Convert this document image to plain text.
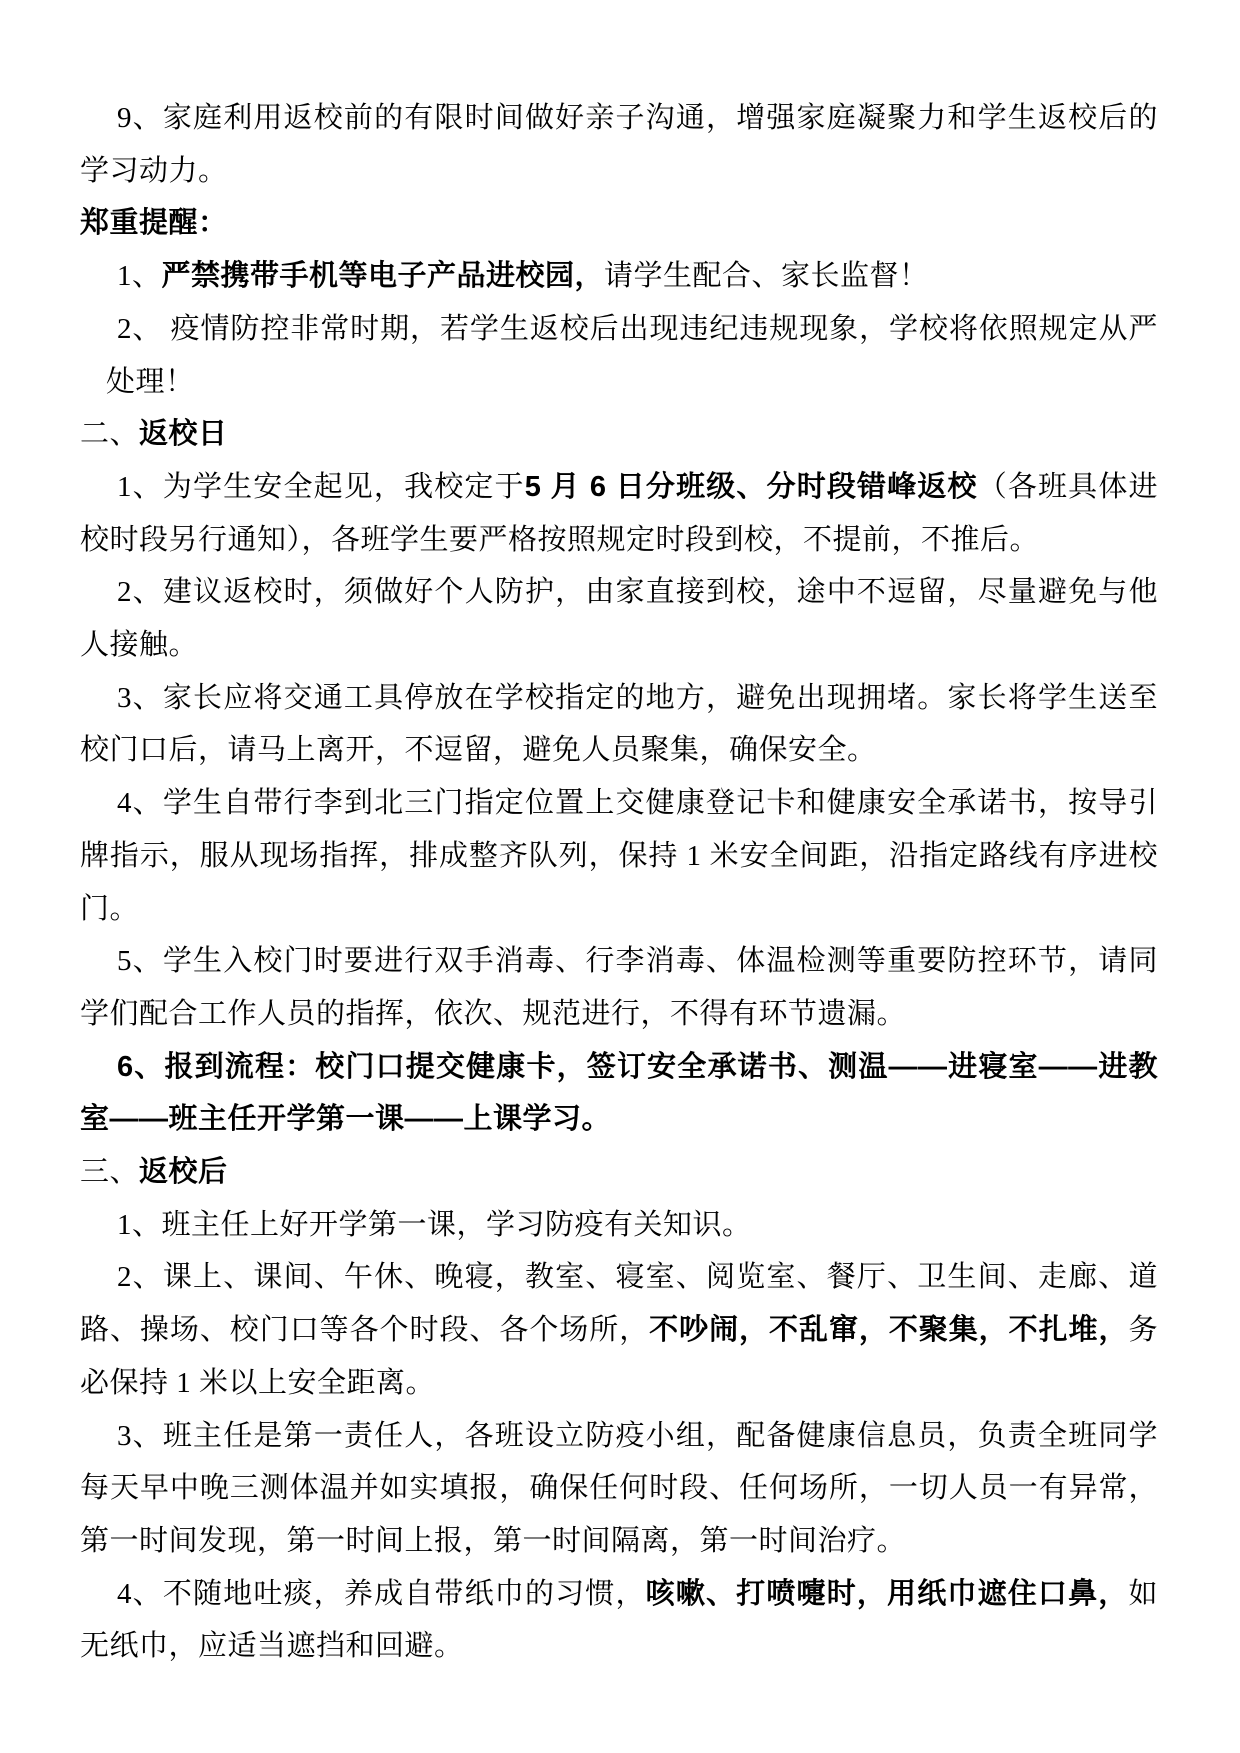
9、家庭利用返校前的有限时间做好亲子沟通，增强家庭凝聚力和学生返校后的
学习动力。
郑重提醒：
1、严禁携带手机等电子产品进校园，请学生配合、家长监督！
2、 疫情防控非常时期，若学生返校后出现违纪违规现象，学校将依照规定从严
处理！
二、返校日
1、为学生安全起见，我校定于5 月 6 日分班级、分时段错峰返校（各班具体进
校时段另行通知），各班学生要严格按照规定时段到校，不提前，不推后。
2、建议返校时，须做好个人防护，由家直接到校，途中不逗留，尽量避免与他
人接触。
3、家长应将交通工具停放在学校指定的地方，避免出现拥堵。家长将学生送至
校门口后，请马上离开，不逗留，避免人员聚集，确保安全。
4、学生自带行李到北三门指定位置上交健康登记卡和健康安全承诺书，按导引
牌指示，服从现场指挥，排成整齐队列，保持 1 米安全间距，沿指定路线有序进校
门。
5、学生入校门时要进行双手消毒、行李消毒、体温检测等重要防控环节，请同
学们配合工作人员的指挥，依次、规范进行，不得有环节遗漏。
6、报到流程：校门口提交健康卡，签订安全承诺书、测温——进寝室——进教
室——班主任开学第一课——上课学习。
三、返校后
1、班主任上好开学第一课，学习防疫有关知识。
2、课上、课间、午休、晚寝，教室、寝室、阅览室、餐厅、卫生间、走廊、道
路、操场、校门口等各个时段、各个场所，不吵闹，不乱窜，不聚集，不扎堆，务
必保持 1 米以上安全距离。
3、班主任是第一责任人，各班设立防疫小组，配备健康信息员，负责全班同学
每天早中晚三测体温并如实填报，确保任何时段、任何场所，一切人员一有异常，
第一时间发现，第一时间上报，第一时间隔离，第一时间治疗。
4、不随地吐痰，养成自带纸巾的习惯，咳嗽、打喷嚏时，用纸巾遮住口鼻，如
无纸巾，应适当遮挡和回避。
